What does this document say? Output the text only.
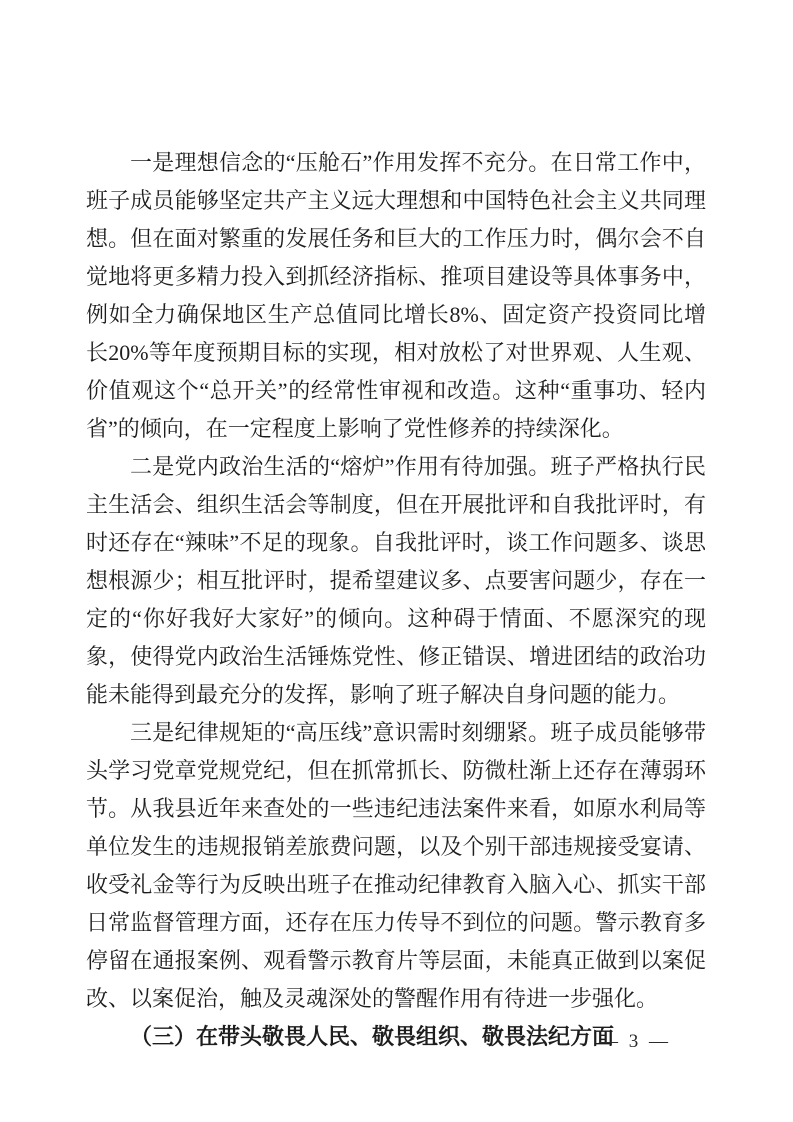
一是理想信念的“压舱石”作用发挥不充分。在日常工作中，班子成员能够坚定共产主义远大理想和中国特色社会主义共同理想。但在面对繁重的发展任务和巨大的工作压力时，偶尔会不自觉地将更多精力投入到抓经济指标、推项目建设等具体事务中，例如全力确保地区生产总值同比增长8%、固定资产投资同比增长20%等年度预期目标的实现，相对放松了对世界观、人生观、价值观这个“总开关”的经常性审视和改造。这种“重事功、轻内省”的倾向，在一定程度上影响了党性修养的持续深化。

二是党内政治生活的“熔炉”作用有待加强。班子严格执行民主生活会、组织生活会等制度，但在开展批评和自我批评时，有时还存在“辣味”不足的现象。自我批评时，谈工作问题多、谈思想根源少；相互批评时，提希望建议多、点要害问题少，存在一定的“你好我好大家好”的倾向。这种碍于情面、不愿深究的现象，使得党内政治生活锤炼党性、修正错误、增进团结的政治功能未能得到最充分的发挥，影响了班子解决自身问题的能力。

三是纪律规矩的“高压线”意识需时刻绷紧。班子成员能够带头学习党章党规党纪，但在抓常抓长、防微杜渐上还存在薄弱环节。从我县近年来查处的一些违纪违法案件来看，如原水利局等单位发生的违规报销差旅费问题，以及个别干部违规接受宴请、收受礼金等行为反映出班子在推动纪律教育入脑入心、抓实干部日常监督管理方面，还存在压力传导不到位的问题。警示教育多停留在通报案例、观看警示教育片等层面，未能真正做到以案促改、以案促治，触及灵魂深处的警醒作用有待进一步强化。

（三）在带头敬畏人民、敬畏组织、敬畏法纪方面

— 3 —
